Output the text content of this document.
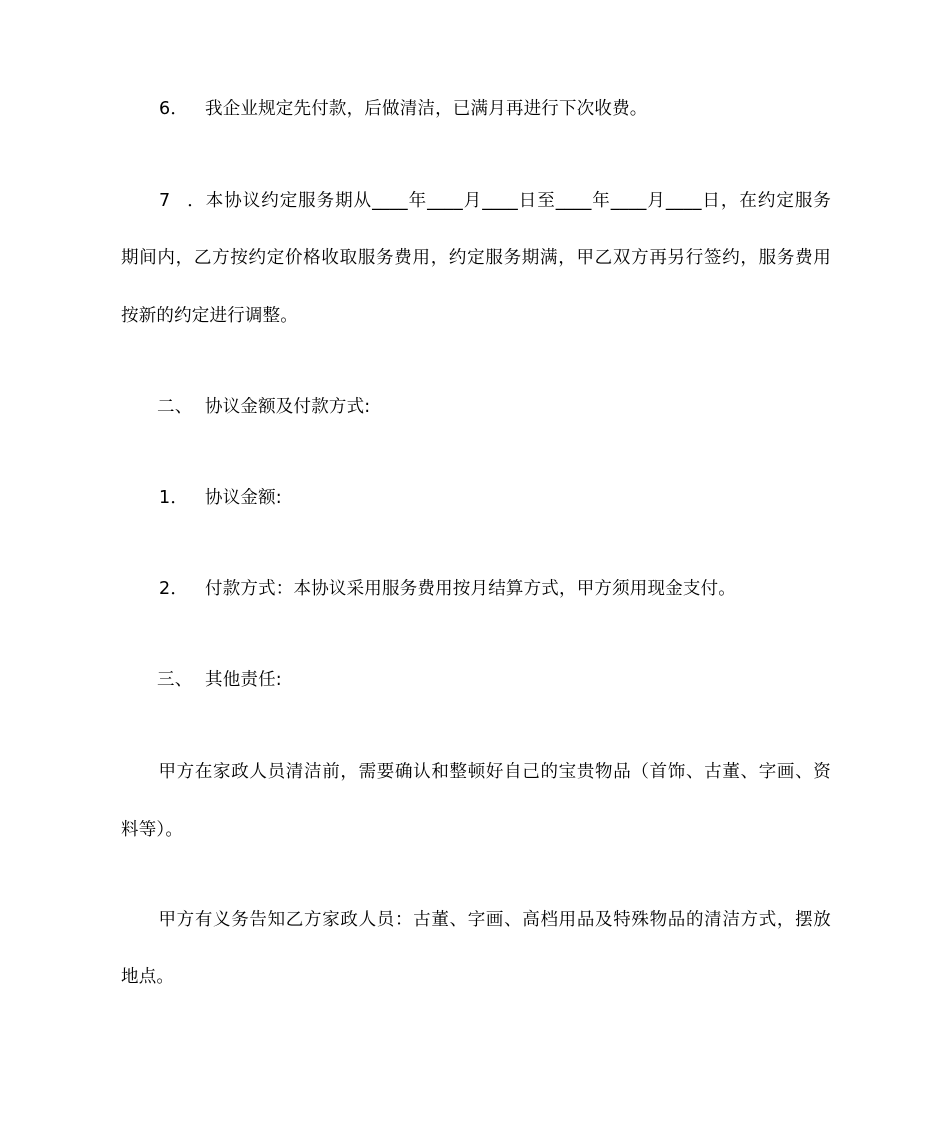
6． 我企业规定先付款，后做清洁，已满月再进行下次收费。
7．本协议约定服务期从____年____月____日至____年____月____日，在约定服务
期间内，乙方按约定价格收取服务费用，约定服务期满，甲乙双方再另行签约，服务费用
按新的约定进行调整。
二、 协议金额及付款方式:
1． 协议金额:
2． 付款方式：本协议采用服务费用按月结算方式，甲方须用现金支付。
三、 其他责任:
甲方在家政人员清洁前，需要确认和整顿好自己的宝贵物品（首饰、古董、字画、资
料等）。
甲方有义务告知乙方家政人员：古董、字画、高档用品及特殊物品的清洁方式，摆放
地点。
